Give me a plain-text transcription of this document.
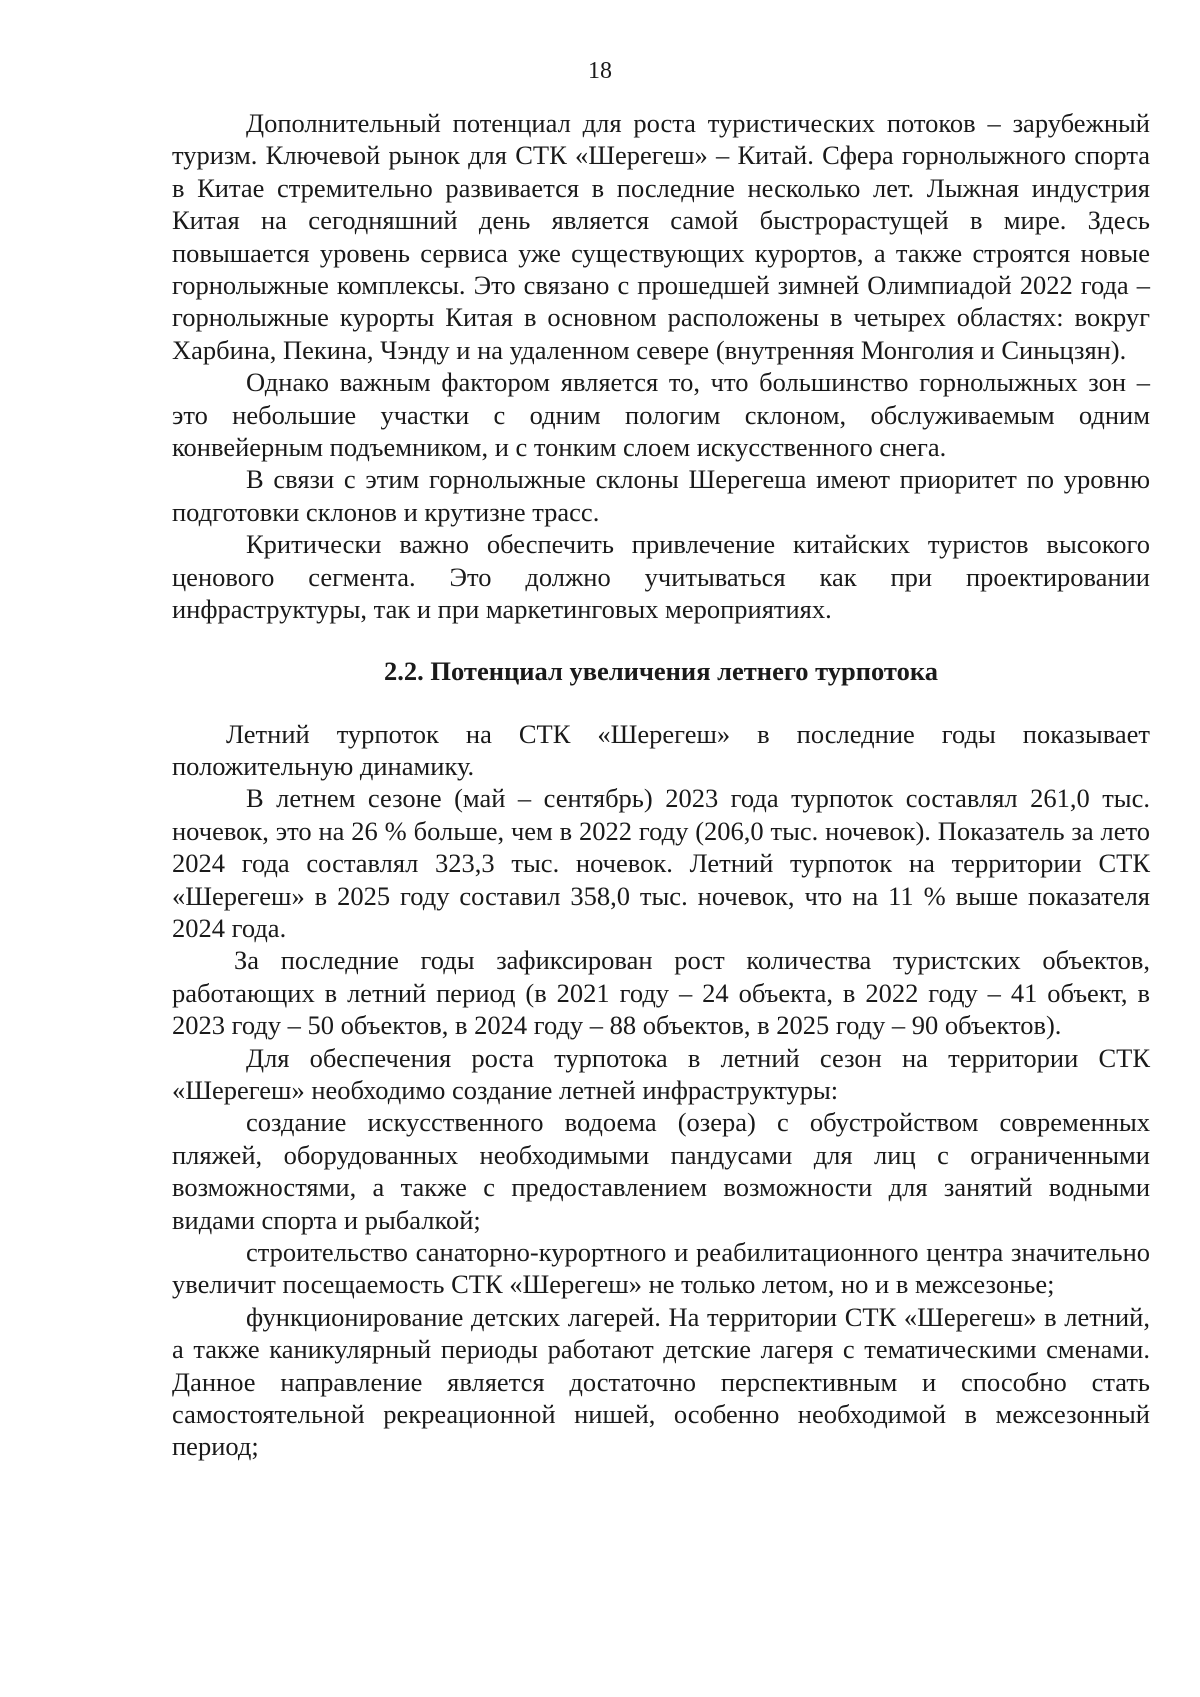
18

Дополнительный потенциал для роста туристических потоков – зарубежный туризм. Ключевой рынок для СТК «Шерегеш» – Китай. Сфера горнолыжного спорта в Китае стремительно развивается в последние несколько лет. Лыжная индустрия Китая на сегодняшний день является самой быстрорастущей в мире. Здесь повышается уровень сервиса уже существующих курортов, а также строятся новые горнолыжные комплексы. Это связано с прошедшей зимней Олимпиадой 2022 года – горнолыжные курорты Китая в основном расположены в четырех областях: вокруг Харбина, Пекина, Чэнду и на удаленном севере (внутренняя Монголия и Синьцзян).

Однако важным фактором является то, что большинство горнолыжных зон – это небольшие участки с одним пологим склоном, обслуживаемым одним конвейерным подъемником, и с тонким слоем искусственного снега.

В связи с этим горнолыжные склоны Шерегеша имеют приоритет по уровню подготовки склонов и крутизне трасс.

Критически важно обеспечить привлечение китайских туристов высокого ценового сегмента. Это должно учитываться как при проектировании инфраструктуры, так и при маркетинговых мероприятиях.

2.2. Потенциал увеличения летнего турпотока

Летний турпоток на СТК «Шерегеш» в последние годы показывает положительную динамику.

В летнем сезоне (май – сентябрь) 2023 года турпоток составлял 261,0 тыс. ночевок, это на 26 % больше, чем в 2022 году (206,0 тыс. ночевок). Показатель за лето 2024 года составлял 323,3 тыс. ночевок. Летний турпоток на территории СТК «Шерегеш» в 2025 году составил 358,0 тыс. ночевок, что на 11 % выше показателя 2024 года.

За последние годы зафиксирован рост количества туристских объектов, работающих в летний период (в 2021 году – 24 объекта, в 2022 году – 41 объект, в 2023 году – 50 объектов, в 2024 году – 88 объектов, в 2025 году – 90 объектов).

Для обеспечения роста турпотока в летний сезон на территории СТК «Шерегеш» необходимо создание летней инфраструктуры:

создание искусственного водоема (озера) с обустройством современных пляжей, оборудованных необходимыми пандусами для лиц с ограниченными возможностями, а также с предоставлением возможности для занятий водными видами спорта и рыбалкой;

строительство санаторно-курортного и реабилитационного центра значительно увеличит посещаемость СТК «Шерегеш» не только летом, но и в межсезонье;

функционирование детских лагерей. На территории СТК «Шерегеш» в летний, а также каникулярный периоды работают детские лагеря с тематическими сменами. Данное направление является достаточно перспективным и способно стать самостоятельной рекреационной нишей, особенно необходимой в межсезонный период;
